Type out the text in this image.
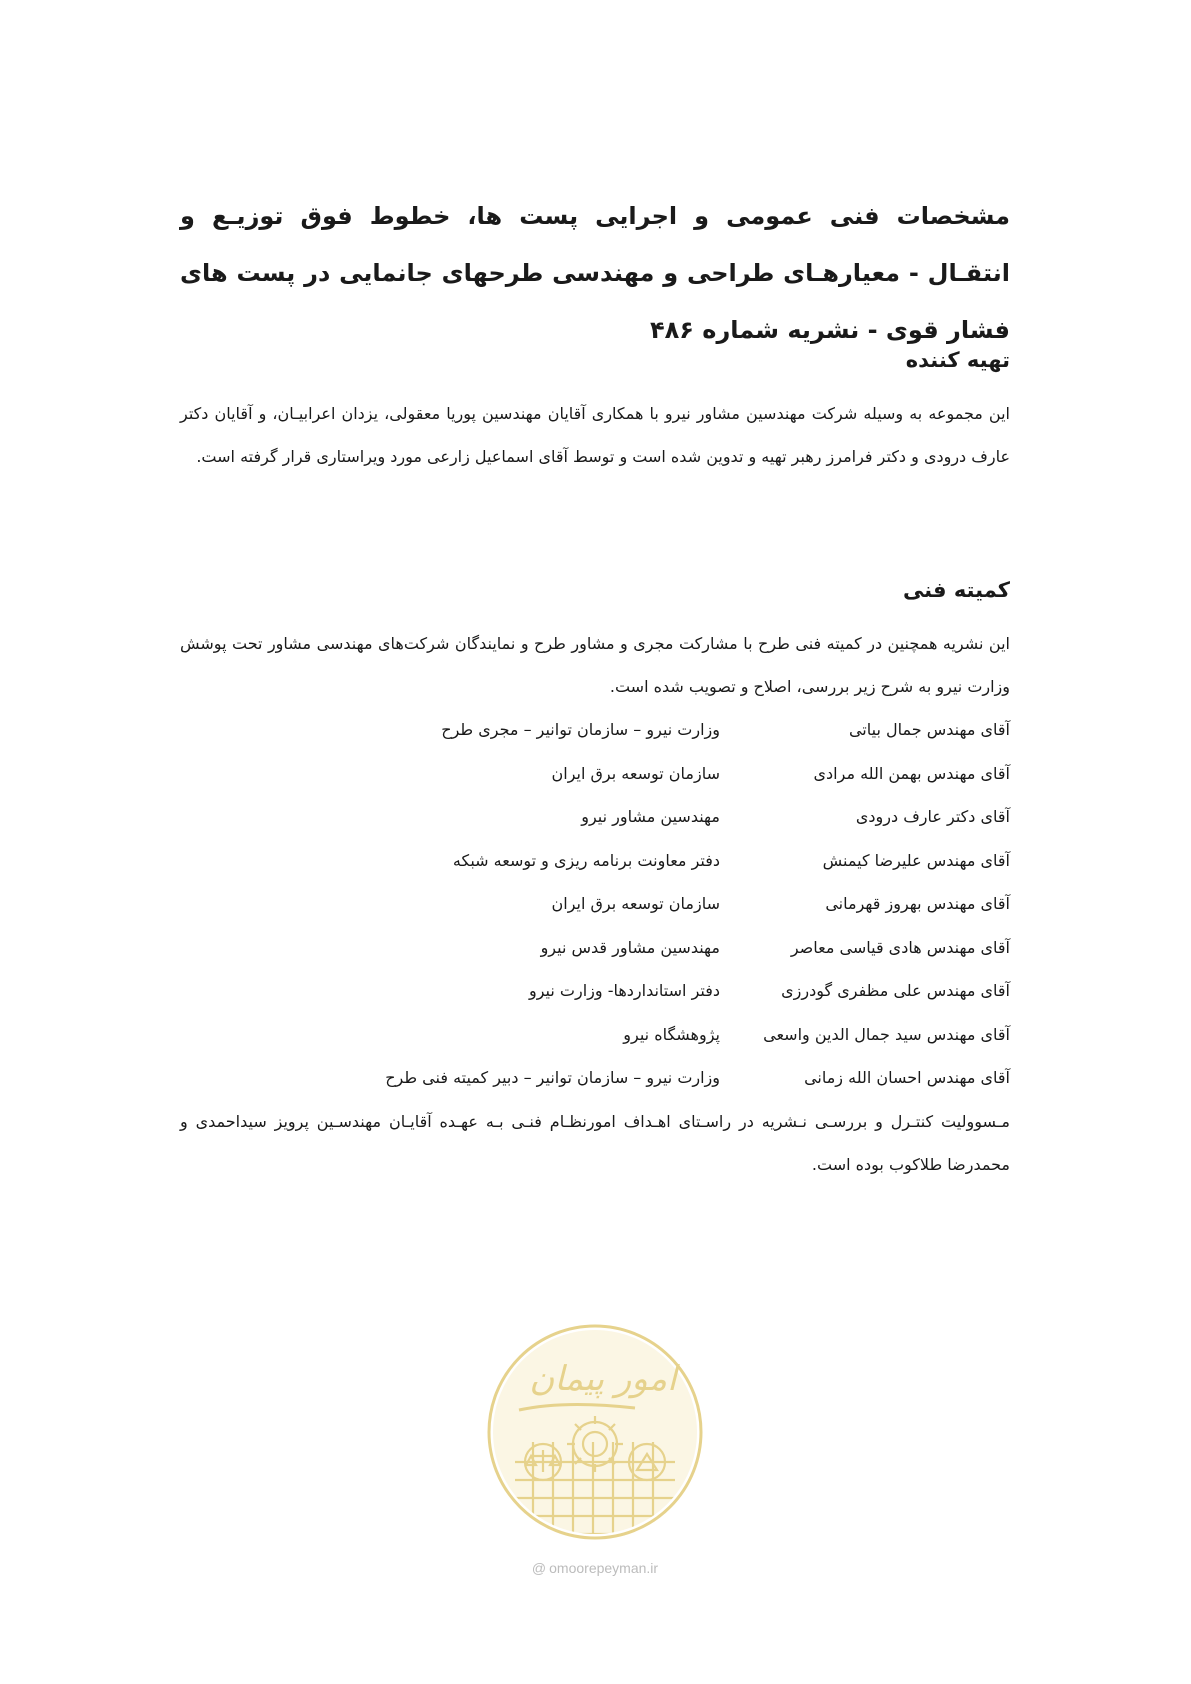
مشخصات فنی عمومی و اجرایی پست ها، خطوط فوق توزیـع و انتقـال - معیارهـای طراحی و مهندسی طرحهای جانمایی در پست های فشار قوی - نشریه شماره ۴۸۶
تهیه کننده

این مجموعه به وسیله شرکت مهندسین مشاور نیرو با همکاری آقایان مهندسین پوریا معقولی، یزدان اعرابیـان، و آقایان دکتر عارف درودی و دکتر فرامرز رهبر تهیه و تدوین شده است و توسط آقای اسماعیل زارعی مورد ویراستاری قرار گرفته است.

کمیته فنی

این نشریه همچنین در کمیته فنی طرح با مشارکت مجری و مشاور طرح و نمایندگان شرکت‌های مهندسی مشاور تحت پوشش وزارت نیرو به شرح زیر بررسی، اصلاح و تصویب شده است.

آقای مهندس جمال بیاتی
وزارت نیرو – سازمان توانیر – مجری طرح
آقای مهندس بهمن الله مرادی
سازمان توسعه برق ایران
آقای دکتر عارف درودی
مهندسین مشاور نیرو
آقای مهندس علیرضا کیمنش
دفتر معاونت برنامه ریزی و توسعه شبکه
آقای مهندس بهروز قهرمانی
سازمان توسعه برق ایران
آقای مهندس هادی قیاسی معاصر
مهندسین مشاور قدس نیرو
آقای مهندس علی مظفری گودرزی
دفتر استانداردها- وزارت نیرو
آقای مهندس سید جمال الدین واسعی
پژوهشگاه نیرو
آقای مهندس احسان الله زمانی
وزارت نیرو – سازمان توانیر – دبیر کمیته فنی طرح

مـسوولیت کنتـرل و بررسـی نـشریه در راسـتای اهـداف امورنظـام فنـی بـه عهـده آقایـان مهندسـین پرویز سیداحمدی و محمدرضا طلاکوب بوده است.

امور پیمان
@ omoorepeyman.ir
